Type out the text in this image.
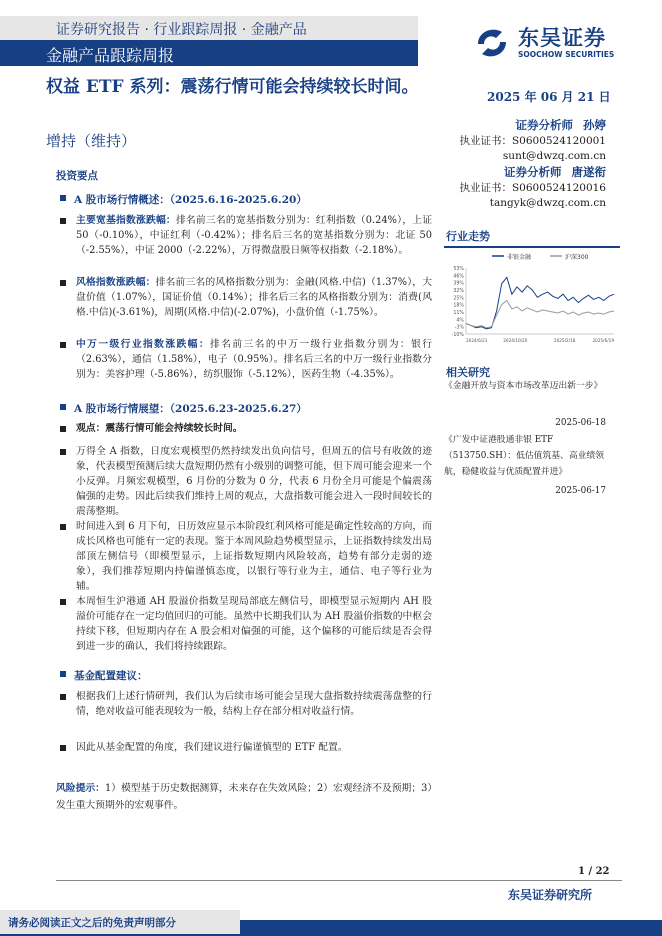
证券研究报告 · 行业跟踪周报 · 金融产品
金融产品跟踪周报
东吴证券
SOOCHOW SECURITIES
权益 ETF 系列：震荡行情可能会持续较长时间。	2025 年 06 月 21 日
增持（维持）
证券分析师 孙婷
执业证书：S0600524120001
sunt@dwzq.com.cn
证券分析师 唐遂衔
执业证书：S0600524120016
tangyk@dwzq.com.cn
行业走势
非银金融	沪深300
53%
46%
39%
32%
25%
18%
11%
4%
-3%
-10%
2024/6/21	2024/10/20	2025/2/18	2025/6/19
相关研究
《金融开放与资本市场改革迈出新一步》
2025-06-18
《广发中证港股通非银 ETF（513750.SH）：低估值筑基、高业绩领航，稳健收益与优质配置并进》
2025-06-17
投资要点
A 股市场行情概述：（2025.6.16-2025.6.20）
主要宽基指数涨跌幅：排名前三名的宽基指数分别为：红利指数（0.24%），上证 50（-0.10%），中证红利（-0.42%）；排名后三名的宽基指数分别为：北证 50（-2.55%），中证 2000（-2.22%），万得微盘股日频等权指数（-2.18%）。
风格指数涨跌幅：排名前三名的风格指数分别为：金融(风格.中信)（1.37%），大盘价值（1.07%），国证价值（0.14%）；排名后三名的风格指数分别为：消费(风格.中信)(-3.61%)，周期(风格.中信)(-2.07%)，小盘价值（-1.75%）。
中万一级行业指数涨跌幅：排名前三名的中万一级行业指数分别为：银行（2.63%），通信（1.58%），电子（0.95%）。排名后三名的中万一级行业指数分别为：美容护理（-5.86%），纺织服饰（-5.12%），医药生物（-4.35%）。
A 股市场行情展望：（2025.6.23-2025.6.27）
观点：震荡行情可能会持续较长时间。
万得全 A 指数，日度宏观模型仍然持续发出负向信号，但周五的信号有收敛的迹象，代表模型预测后续大盘短期仍然有小级别的调整可能，但下周可能会迎来一个小反弹。月频宏观模型，6 月份的分数为 0 分，代表 6 月份全月可能是个偏震荡偏强的走势。因此后续我们维持上周的观点，大盘指数可能会进入一段时间较长的震荡整期。
时间进入到 6 月下旬，日历效应显示本阶段红利风格可能是确定性较高的方向，而成长风格也可能有一定的表现。鉴于本周风险趋势模型显示，上证指数持续发出局部顶左侧信号（即模型显示，上证指数短期内风险较高，趋势有部分走弱的迹象），我们推荐短期内持偏谨慎态度，以银行等行业为主，通信、电子等行业为辅。
本周恒生沪港通 AH 股溢价指数呈现局部底左侧信号，即模型显示短期内 AH 股溢价可能存在一定均值回归的可能。虽然中长期我们认为 AH 股溢价指数的中枢会持续下移，但短期内存在 A 股会相对偏强的可能，这个偏移的可能后续是否会得到进一步的确认，我们将持续跟踪。
基金配置建议：
根据我们上述行情研判，我们认为后续市场可能会呈现大盘指数持续震荡盘整的行情，绝对收益可能表现较为一般，结构上存在部分相对收益行情。
因此从基金配置的角度，我们建议进行偏谨慎型的 ETF 配置。
风险提示：1）模型基于历史数据测算，未来存在失效风险；2）宏观经济不及预期；3）发生重大预期外的宏观事件。
1 / 22
东吴证券研究所
请务必阅读正文之后的免责声明部分
